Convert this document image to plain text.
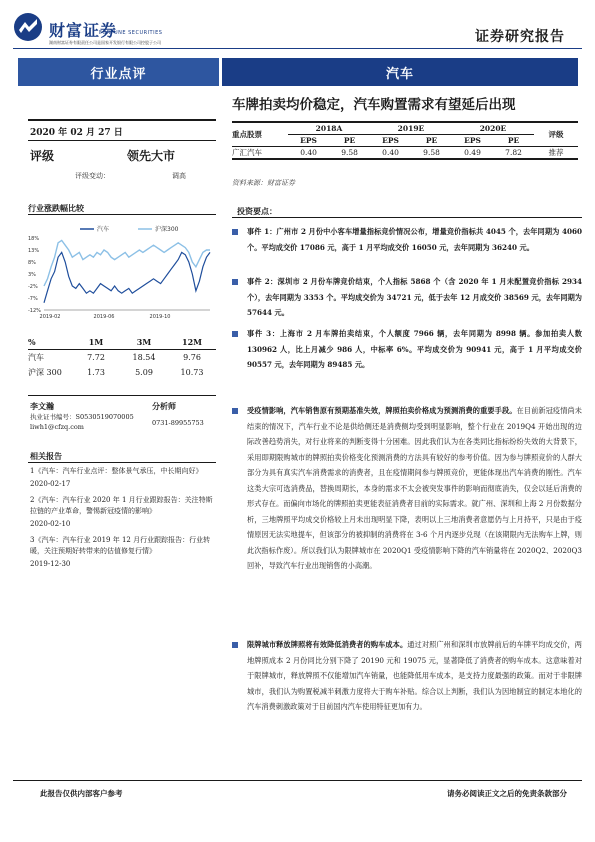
财富证券
FORTUNE SECURITIES
湖南财富证券有限责任公司是国家开发银行有限公司控股子公司	证券研究报告
行业点评	汽车
车牌拍卖均价稳定，汽车购置需求有望延后出现
2020 年 02 月 27 日
评级	领先大市
评级变动：	调高
行业涨跌幅比较
18%
13%
8%
3%
-2%
-7%
-12%
2019-02	2019-06	2019-10
汽车	沪深300
%	1M	3M	12M
汽车	7.72	18.54	9.76
沪深 300	1.73	5.09	10.73
李文瀚	分析师
执业证书编号：S0530519070005
liwh1@cfzq.com	0731-89955753
相关报告
1《汽车：汽车行业点评：整体景气承压，中长期向好》
2020-02-17
2《汽车：汽车行业 2020 年 1 月行业跟踪报告：关注特斯拉链的产业革命，警惕新冠疫情的影响》
2020-02-10
3《汽车：汽车行业 2019 年 12 月行业跟踪报告：行业转暖，关注预期好转带来的估值修复行情》
2019-12-30
重点股票	2018A		2019E		2020E		评级
	EPS	PE	EPS	PE	EPS	PE	
广汇汽车	0.40	9.58	0.40	9.58	0.49	7.82	推荐
资料来源：财富证券
投资要点：
事件 1：广州市 2 月份中小客车增量指标竞价情况公布，增量竞价指标共 4045 个，去年同期为 4060 个。平均成交价 17086 元，高于 1 月平均成交价 16050 元，去年同期为 36240 元。
事件 2：深圳市 2 月份车牌竞价结束，个人指标 5868 个（含 2020 年 1 月未配置竞价指标 2934 个），去年同期为 3353 个。平均成交价为 34721 元，低于去年 12 月成交价 38569 元，去年同期为 57644 元。
事件 3：上海市 2 月车牌拍卖结束，个人额度 7966 辆，去年同期为 8998 辆。参加拍卖人数 130962 人，比上月减少 986 人，中标率 6%。平均成交价为 90941 元，高于 1 月平均成交价 90557 元，去年同期为 89485 元。
受疫情影响，汽车销售原有预期基准失效，牌照拍卖价格成为预测消费的重要手段。在目前新冠疫情尚未结束的情况下，汽车行业不论是供给侧还是消费侧均受到明显影响，整个行业在 2019Q4 开始出现的边际改善趋势消失，对行业将来的判断变得十分困难。因此我们认为在各类同比指标纷纷失效的大背景下，采用即期限购城市的牌照拍卖价格变化预测消费的方法具有较好的参考价值。因为参与牌照竞价的人群大部分为具有真实汽车消费需求的消费者，且在疫情期间参与牌照竞价，更能体现出汽车消费的刚性。汽车这类大宗可选消费品，替换周期长，本身的需求不太会被突发事件的影响而彻底消失，仅会以延后消费的形式存在。而偏向市场化的牌照拍卖更能表征消费者目前的实际需求。就广州、深圳和上海 2 月份数据分析，三地牌照平均成交价格较上月未出现明显下降，表明以上三地消费者意愿仍与上月持平，只是由于疫情原因无法实地提车，但该部分的被抑制的消费将在 3-6 个月内逐步兑现（在该期限内无法购车上牌，则此次指标作废）。所以我们认为限牌城市在 2020Q1 受疫情影响下降的汽车销量将在 2020Q2、2020Q3 回补，导致汽车行业出现销售的小高潮。
限牌城市释放牌照将有效降低消费者的购车成本。通过对照广州和深圳市放牌前后的车牌平均成交价，两地牌照成本 2 月份同比分别下降了 20190 元和 19075 元，显著降低了消费者的购车成本。这意味着对于限牌城市，释放牌照不仅能增加汽车销量，也能降低用车成本，是支持力度最强的政策。而对于非限牌城市，我们认为购置税减半刺激力度将大于购车补贴。综合以上判断，我们认为因地制宜的制定本地化的汽车消费刺激政策对于目前国内汽车使用特征更加有力。
此报告仅供内部客户参考	请务必阅读正文之后的免责条款部分
